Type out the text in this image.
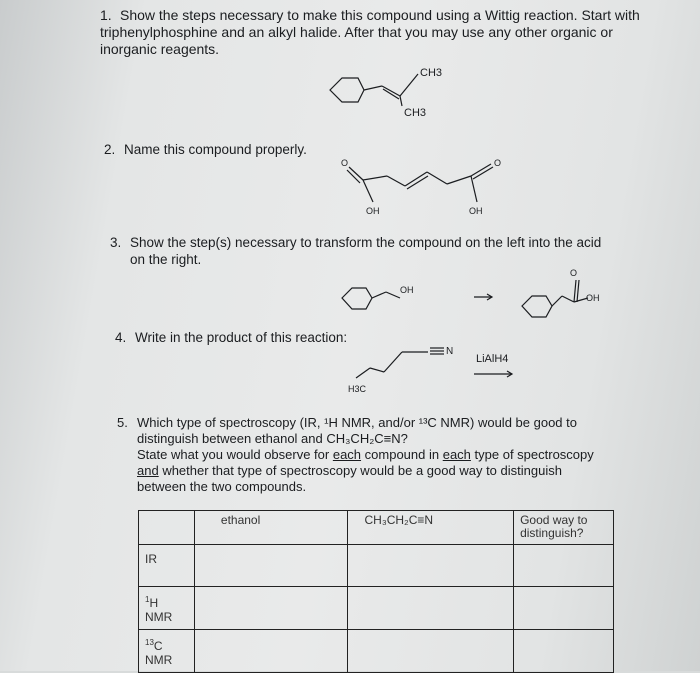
1. Show the steps necessary to make this compound using a Wittig reaction. Start with triphenylphosphine and an alkyl halide. After that you may use any other organic or inorganic reagents.
CH3
CH3
2. Name this compound properly.
O	O
OH	OH
3. Show the step(s) necessary to transform the compound on the left into the acid
on the right.
OH
O
OH
4. Write in the product of this reaction:
N
H3C
LiAlH4
5. Which type of spectroscopy (IR, ¹H NMR, and/or ¹³C NMR) would be good to
distinguish between ethanol and CH₃CH₂C≡N?
State what you would observe for each compound in each type of spectroscopy
and whether that type of spectroscopy would be a good way to distinguish
between the two compounds.
	ethanol	CH₃CH₂C≡N	Good way to distinguish?
IR			
$^1$H NMR			
$^{13}$C NMR			
